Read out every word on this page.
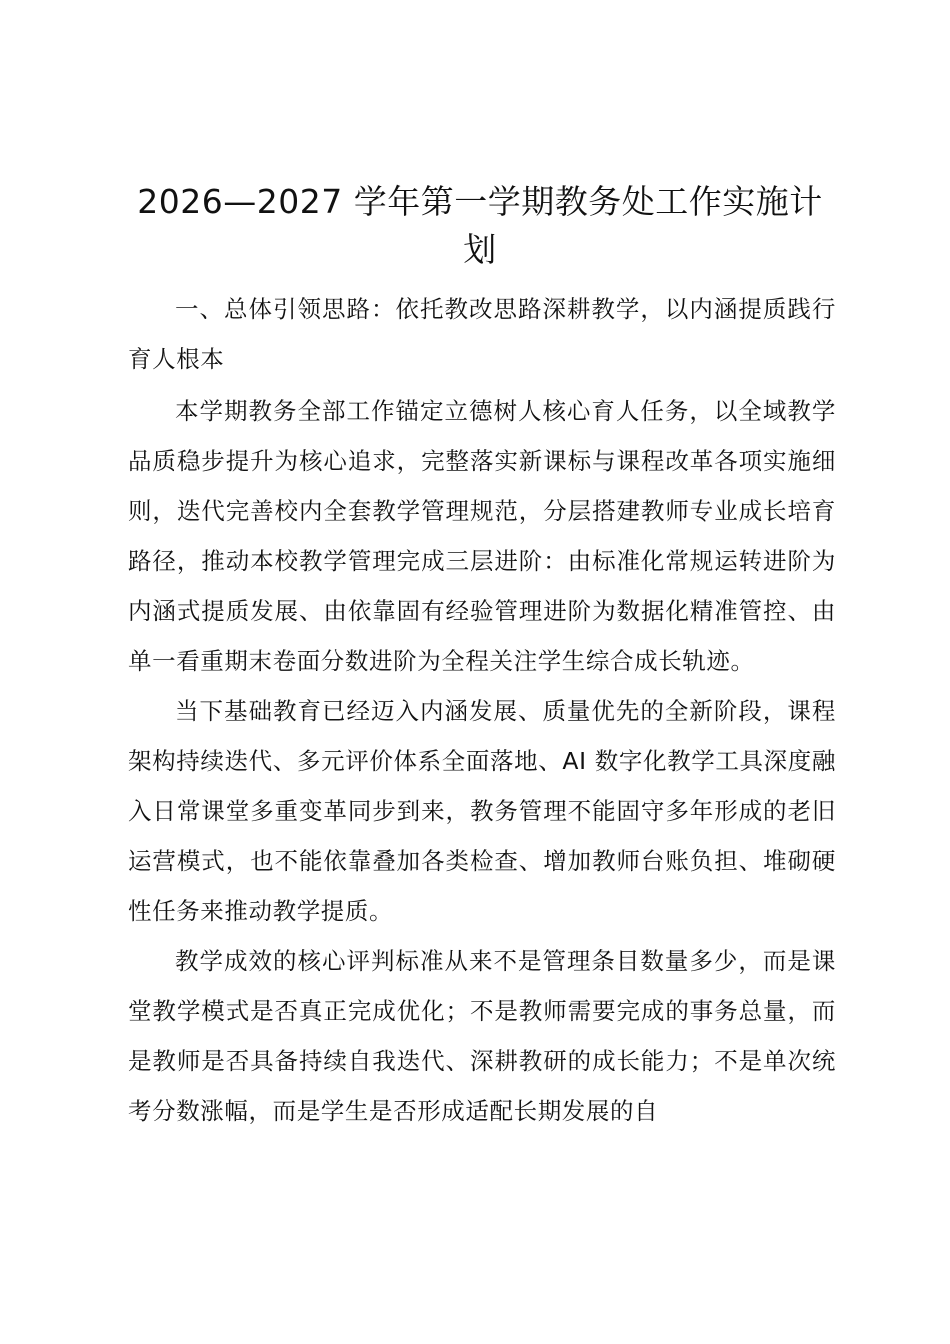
2026—2027 学年第一学期教务处工作实施计划

一、总体引领思路：依托教改思路深耕教学，以内涵提质践行育人根本

本学期教务全部工作锚定立德树人核心育人任务，以全域教学品质稳步提升为核心追求，完整落实新课标与课程改革各项实施细则，迭代完善校内全套教学管理规范，分层搭建教师专业成长培育路径，推动本校教学管理完成三层进阶：由标准化常规运转进阶为内涵式提质发展、由依靠固有经验管理进阶为数据化精准管控、由单一看重期末卷面分数进阶为全程关注学生综合成长轨迹。

当下基础教育已经迈入内涵发展、质量优先的全新阶段，课程架构持续迭代、多元评价体系全面落地、AI 数字化教学工具深度融入日常课堂多重变革同步到来，教务管理不能固守多年形成的老旧运营模式，也不能依靠叠加各类检查、增加教师台账负担、堆砌硬性任务来推动教学提质。

教学成效的核心评判标准从来不是管理条目数量多少，而是课堂教学模式是否真正完成优化；不是教师需要完成的事务总量，而是教师是否具备持续自我迭代、深耕教研的成长能力；不是单次统考分数涨幅，而是学生是否形成适配长期发展的自
